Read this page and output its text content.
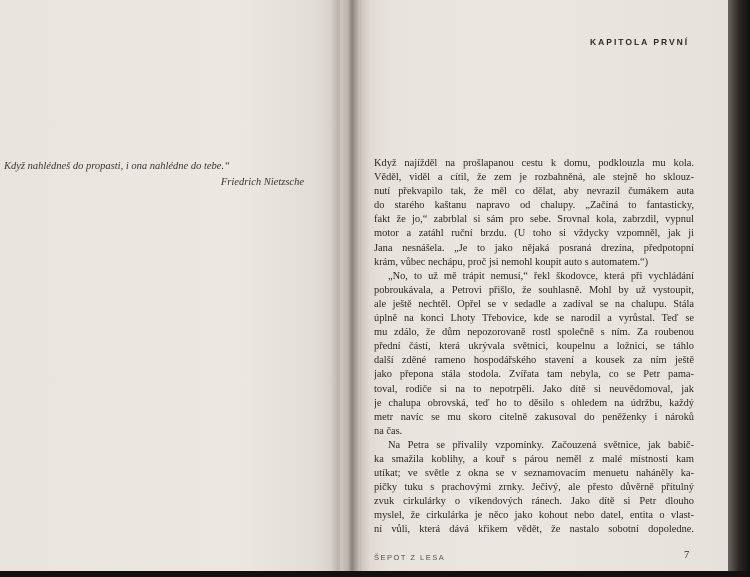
Když nahlédneš do propasti, i ona nahlédne do tebe.“
Friedrich Nietzsche
KAPITOLA PRVNÍ
Když najížděl na prošlapanou cestu k domu, podklouzla mu kola.
Věděl, viděl a cítil, že zem je rozbahněná, ale stejně ho sklouz-
nutí překvapilo tak, že měl co dělat, aby nevrazil čumákem auta
do starého kaštanu napravo od chalupy. „Začíná to fantasticky,
fakt že jo,“ zabrblal si sám pro sebe. Srovnal kola, zabrzdil, vypnul
motor a zatáhl ruční brzdu. (U toho si vždycky vzpomněl, jak ji
Jana nesnášela. „Je to jako nějaká posraná drezína, předpotopní
krám, vůbec nechápu, proč jsi nemohl koupit auto s automatem.“)
„No, to už mě trápit nemusí,“ řekl škodovce, která při vychládání
pobroukávala, a Petrovi přišlo, že souhlasně. Mohl by už vystoupit,
ale ještě nechtěl. Opřel se v sedadle a zadíval se na chalupu. Stála
úplně na konci Lhoty Třebovice, kde se narodil a vyrůstal. Teď se
mu zdálo, že dům nepozorovaně rostl společně s ním. Za roubenou
přední částí, která ukrývala světnici, koupelnu a ložnici, se táhlo
další zděné rameno hospodářského stavení a kousek za ním ještě
jako přepona stála stodola. Zvířata tam nebyla, co se Petr pama-
toval, rodiče si na to nepotrpěli. Jako dítě si neuvědomoval, jak
je chalupa obrovská, teď ho to děsilo s ohledem na údržbu, každý
metr navíc se mu skoro citelně zakusoval do peněženky i nároků
na čas.
Na Petra se přivalily vzpomínky. Začouzená světnice, jak babič-
ka smažila koblihy, a kouř s párou neměl z malé místnosti kam
utíkat; ve světle z okna se v seznamovacím menuetu naháněly ka-
pičky tuku s prachovými zrnky. Ječivý, ale přesto důvěrně přítulný
zvuk cirkulárky o víkendových ránech. Jako dítě si Petr dlouho
myslel, že cirkulárka je něco jako kohout nebo datel, entita o vlast-
ní vůli, která dává křikem vědět, že nastalo sobotní dopoledne.
ŠEPOT Z LESA	7
